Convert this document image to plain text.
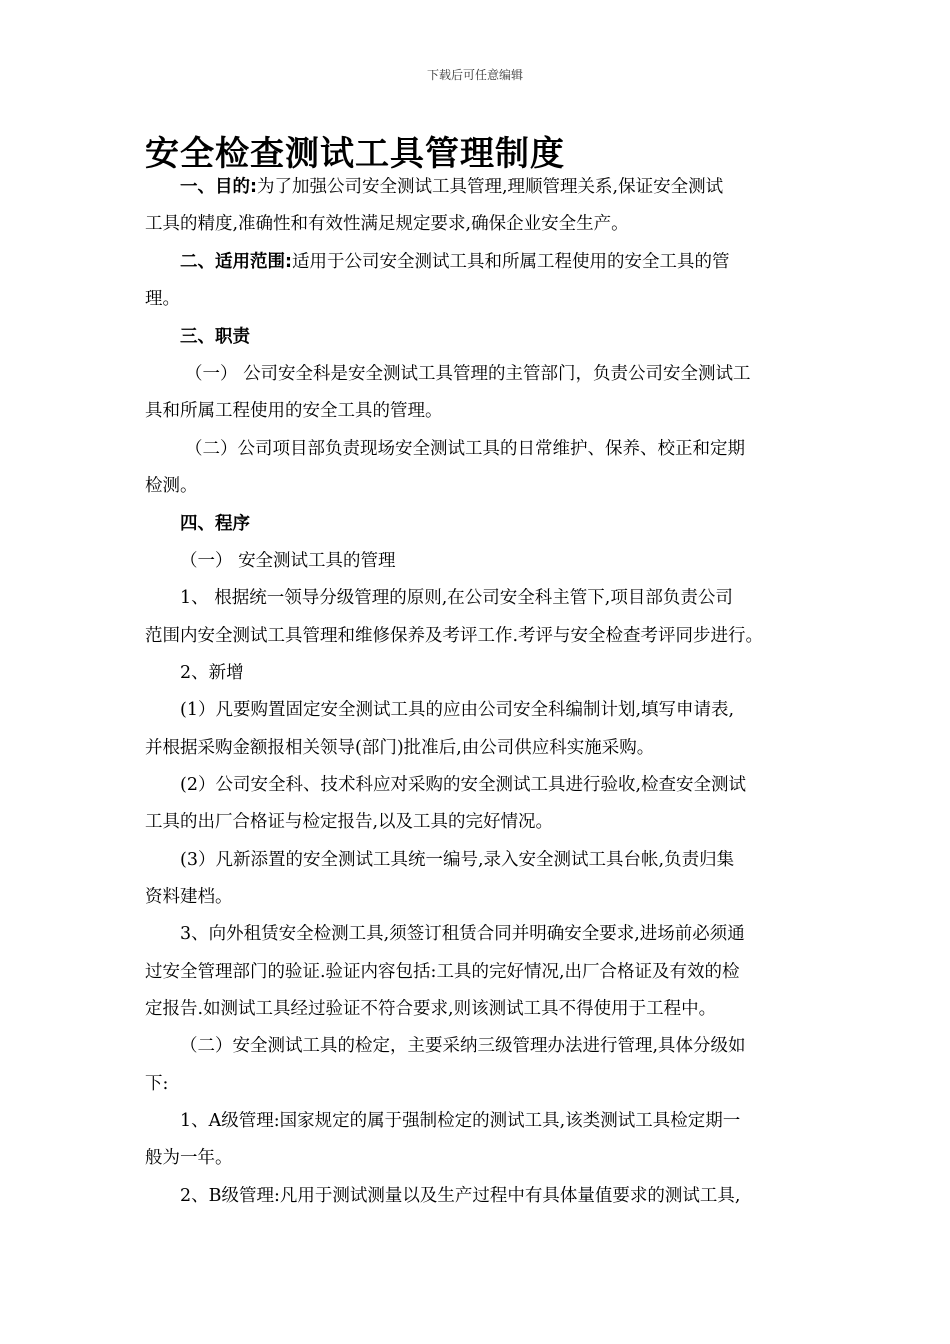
下载后可任意编辑
安全检查测试工具管理制度
一、目的:为了加强公司安全测试工具管理,理顺管理关系,保证安全测试
工具的精度,准确性和有效性满足规定要求,确保企业安全生产。
二、适用范围:适用于公司安全测试工具和所属工程使用的安全工具的管
理。
三、职责
（一） 公司安全科是安全测试工具管理的主管部门，负责公司安全测试工
具和所属工程使用的安全工具的管理。
（二）公司项目部负责现场安全测试工具的日常维护、保养、校正和定期
检测。
四、程序
（一） 安全测试工具的管理
1、 根据统一领导分级管理的原则,在公司安全科主管下,项目部负责公司
范围内安全测试工具管理和维修保养及考评工作.考评与安全检查考评同步进行。
2、新增
(1）凡要购置固定安全测试工具的应由公司安全科编制计划,填写申请表,
并根据采购金额报相关领导(部门)批准后,由公司供应科实施采购。
(2）公司安全科、技术科应对采购的安全测试工具进行验收,检查安全测试
工具的出厂合格证与检定报告,以及工具的完好情况。
(3）凡新添置的安全测试工具统一编号,录入安全测试工具台帐,负责归集
资料建档。
3、向外租赁安全检测工具,须签订租赁合同并明确安全要求,进场前必须通
过安全管理部门的验证.验证内容包括:工具的完好情况,出厂合格证及有效的检
定报告.如测试工具经过验证不符合要求,则该测试工具不得使用于工程中。
（二）安全测试工具的检定，主要采纳三级管理办法进行管理,具体分级如
下:
1、A级管理:国家规定的属于强制检定的测试工具,该类测试工具检定期一
般为一年。
2、B级管理:凡用于测试测量以及生产过程中有具体量值要求的测试工具,
